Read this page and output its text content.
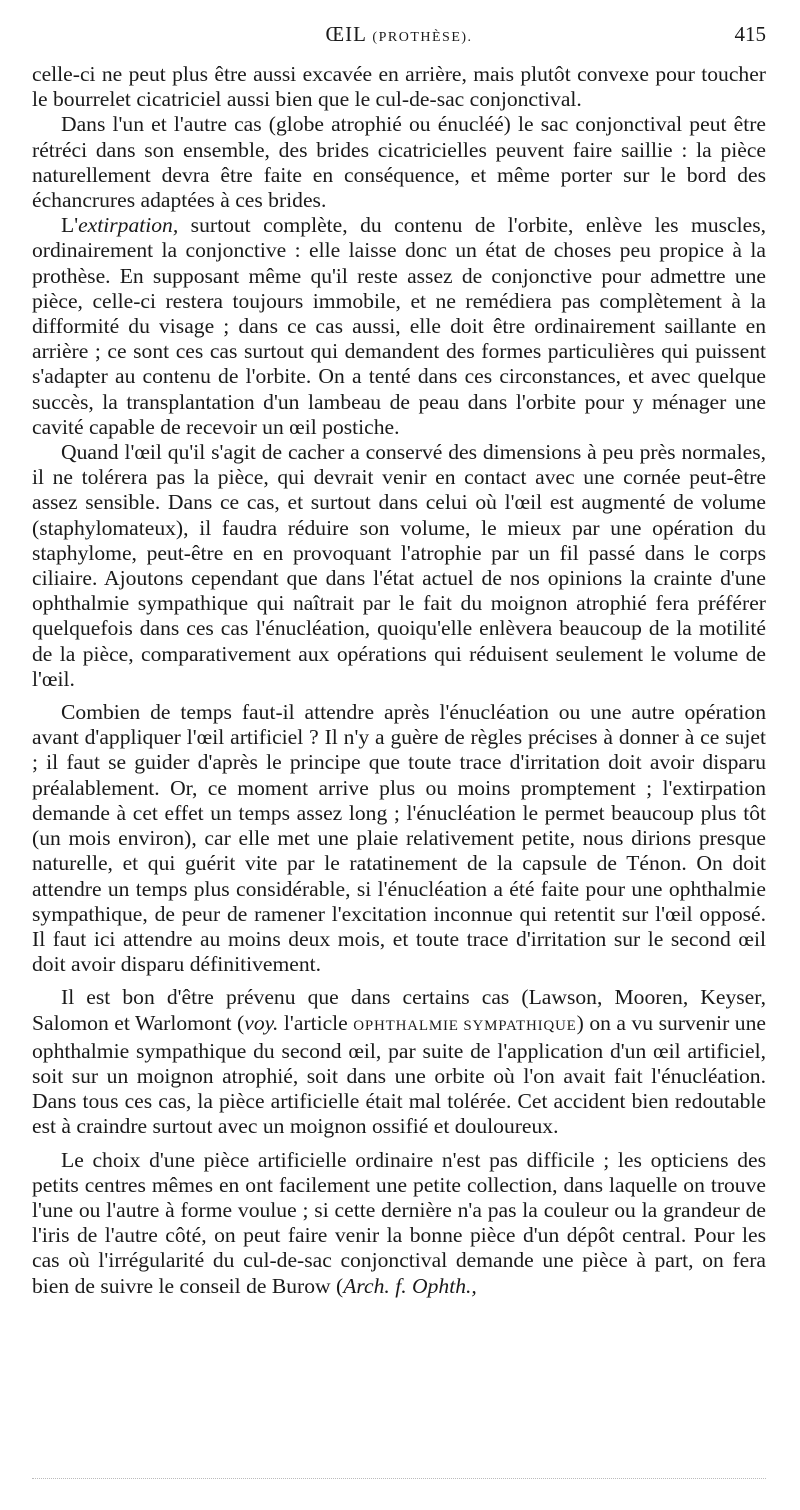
ŒIL (PROTHÈSE).	415

celle-ci ne peut plus être aussi excavée en arrière, mais plutôt convexe pour toucher le bourrelet cicatriciel aussi bien que le cul-de-sac conjonctival.

Dans l'un et l'autre cas (globe atrophié ou énucléé) le sac conjonctival peut être rétréci dans son ensemble, des brides cicatricielles peuvent faire saillie : la pièce naturellement devra être faite en conséquence, et même porter sur le bord des échancrures adaptées à ces brides.

L'extirpation, surtout complète, du contenu de l'orbite, enlève les muscles, ordinairement la conjonctive : elle laisse donc un état de choses peu propice à la prothèse. En supposant même qu'il reste assez de conjonctive pour admettre une pièce, celle-ci restera toujours immobile, et ne remédiera pas complètement à la difformité du visage ; dans ce cas aussi, elle doit être ordinairement saillante en arrière ; ce sont ces cas surtout qui demandent des formes particulières qui puissent s'adapter au contenu de l'orbite. On a tenté dans ces circonstances, et avec quelque succès, la transplantation d'un lambeau de peau dans l'orbite pour y ménager une cavité capable de recevoir un œil postiche.

Quand l'œil qu'il s'agit de cacher a conservé des dimensions à peu près normales, il ne tolérera pas la pièce, qui devrait venir en contact avec une cornée peut-être assez sensible. Dans ce cas, et surtout dans celui où l'œil est augmenté de volume (staphylomateux), il faudra réduire son volume, le mieux par une opération du staphylome, peut-être en en provoquant l'atrophie par un fil passé dans le corps ciliaire. Ajoutons cependant que dans l'état actuel de nos opinions la crainte d'une ophthalmie sympathique qui naîtrait par le fait du moignon atrophié fera préférer quelquefois dans ces cas l'énucléation, quoiqu'elle enlèvera beaucoup de la motilité de la pièce, comparativement aux opérations qui réduisent seulement le volume de l'œil.

Combien de temps faut-il attendre après l'énucléation ou une autre opération avant d'appliquer l'œil artificiel ? Il n'y a guère de règles précises à donner à ce sujet ; il faut se guider d'après le principe que toute trace d'irritation doit avoir disparu préalablement. Or, ce moment arrive plus ou moins promptement ; l'extirpation demande à cet effet un temps assez long ; l'énucléation le permet beaucoup plus tôt (un mois environ), car elle met une plaie relativement petite, nous dirions presque naturelle, et qui guérit vite par le ratatinement de la capsule de Ténon. On doit attendre un temps plus considérable, si l'énucléation a été faite pour une ophthalmie sympathique, de peur de ramener l'excitation inconnue qui retentit sur l'œil opposé. Il faut ici attendre au moins deux mois, et toute trace d'irritation sur le second œil doit avoir disparu définitivement.

Il est bon d'être prévenu que dans certains cas (Lawson, Mooren, Keyser, Salomon et Warlomont (voy. l'article OPHTHALMIE SYMPATHIQUE) on a vu survenir une ophthalmie sympathique du second œil, par suite de l'application d'un œil artificiel, soit sur un moignon atrophié, soit dans une orbite où l'on avait fait l'énucléation. Dans tous ces cas, la pièce artificielle était mal tolérée. Cet accident bien redoutable est à craindre surtout avec un moignon ossifié et douloureux.

Le choix d'une pièce artificielle ordinaire n'est pas difficile ; les opticiens des petits centres mêmes en ont facilement une petite collection, dans laquelle on trouve l'une ou l'autre à forme voulue ; si cette dernière n'a pas la couleur ou la grandeur de l'iris de l'autre côté, on peut faire venir la bonne pièce d'un dépôt central. Pour les cas où l'irrégularité du cul-de-sac conjonctival demande une pièce à part, on fera bien de suivre le conseil de Burow (Arch. f. Ophth.,
